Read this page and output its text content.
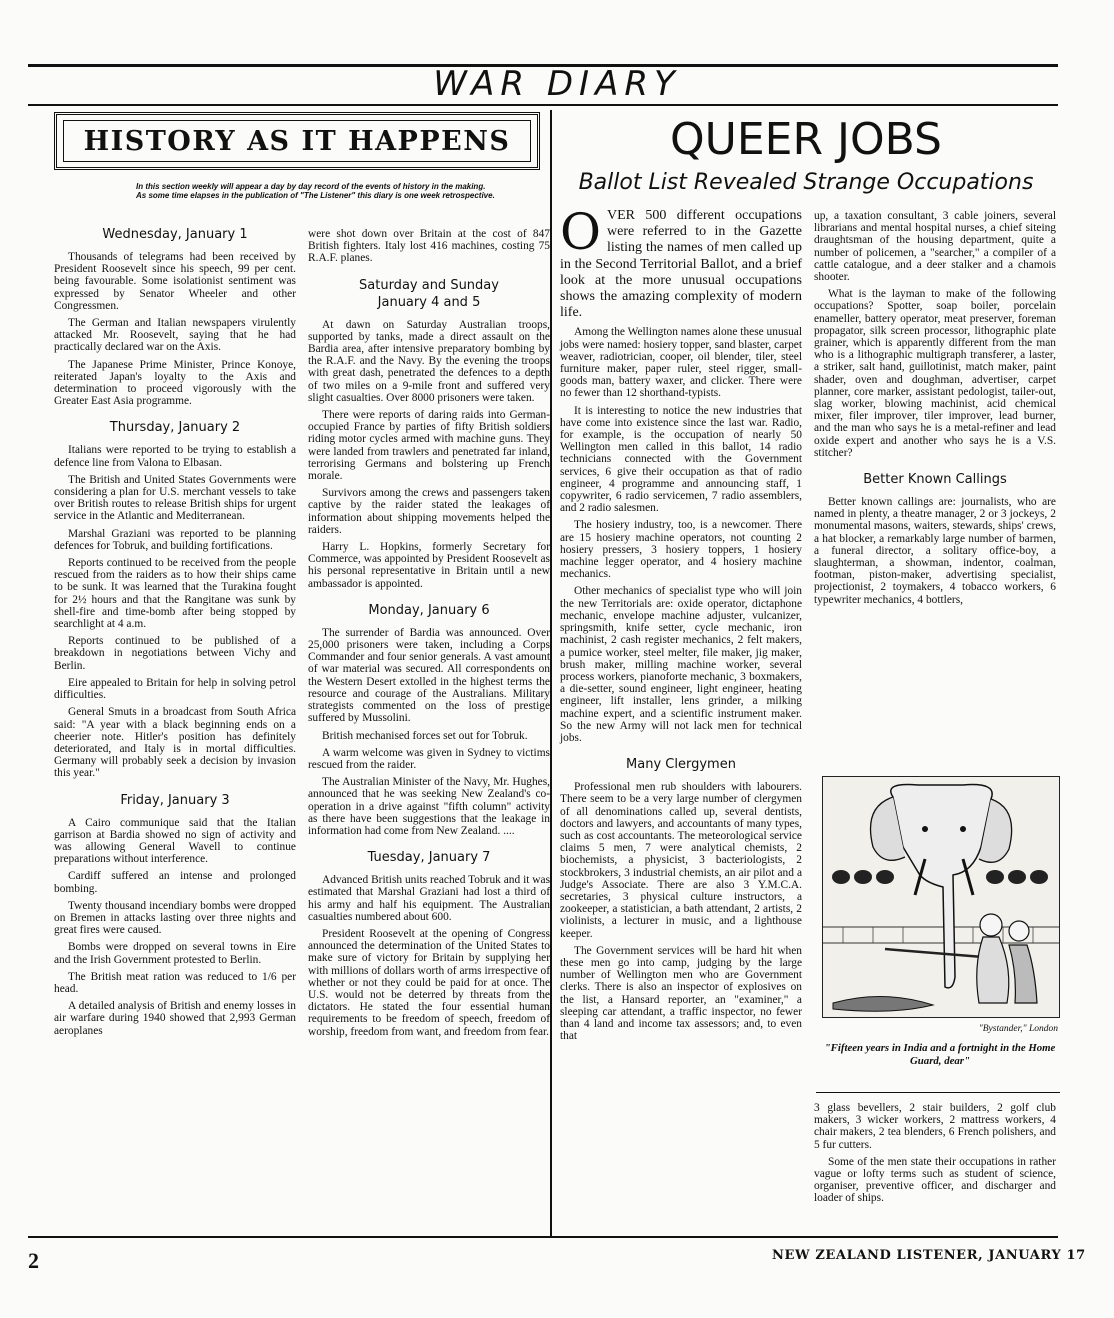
WAR DIARY
HISTORY AS IT HAPPENS
In this section weekly will appear a day by day record of the events of history in the making. As some time elapses in the publication of "The Listener" this diary is one week retrospective.
Wednesday, January 1

Thousands of telegrams had been received by President Roosevelt since his speech, 99 per cent. being favourable. Some isolationist sentiment was expressed by Senator Wheeler and other Congressmen.

The German and Italian newspapers virulently attacked Mr. Roosevelt, saying that he had practically declared war on the Axis.

The Japanese Prime Minister, Prince Konoye, reiterated Japan's loyalty to the Axis and determination to proceed vigorously with the Greater East Asia programme.

Thursday, January 2

Italians were reported to be trying to establish a defence line from Valona to Elbasan.

The British and United States Governments were considering a plan for U.S. merchant vessels to take over British routes to release British ships for urgent service in the Atlantic and Mediterranean.

Marshal Graziani was reported to be planning defences for Tobruk, and building fortifications.

Reports continued to be received from the people rescued from the raiders as to how their ships came to be sunk. It was learned that the Turakina fought for 2½ hours and that the Rangitane was sunk by shell-fire and time-bomb after being stopped by searchlight at 4 a.m.

Reports continued to be published of a breakdown in negotiations between Vichy and Berlin.

Eire appealed to Britain for help in solving petrol difficulties.

General Smuts in a broadcast from South Africa said: "A year with a black beginning ends on a cheerier note. Hitler's position has definitely deteriorated, and Italy is in mortal difficulties. Germany will probably seek a decision by invasion this year."

Friday, January 3

A Cairo communique said that the Italian garrison at Bardia showed no sign of activity and was allowing General Wavell to continue preparations without interference.

Cardiff suffered an intense and prolonged bombing.

Twenty thousand incendiary bombs were dropped on Bremen in attacks lasting over three nights and great fires were caused.

Bombs were dropped on several towns in Eire and the Irish Government protested to Berlin.

The British meat ration was reduced to 1/6 per head.

A detailed analysis of British and enemy losses in air warfare during 1940 showed that 2,993 German aeroplanes

were shot down over Britain at the cost of 847 British fighters. Italy lost 416 machines, costing 75 R.A.F. planes.

Saturday and Sunday
January 4 and 5

At dawn on Saturday Australian troops, supported by tanks, made a direct assault on the Bardia area, after intensive preparatory bombing by the R.A.F. and the Navy. By the evening the troops with great dash, penetrated the defences to a depth of two miles on a 9-mile front and suffered very slight casualties. Over 8000 prisoners were taken.

There were reports of daring raids into German-occupied France by parties of fifty British soldiers riding motor cycles armed with machine guns. They were landed from trawlers and penetrated far inland, terrorising Germans and bolstering up French morale.

Survivors among the crews and passengers taken captive by the raider stated the leakages of information about shipping movements helped the raiders.

Harry L. Hopkins, formerly Secretary for Commerce, was appointed by President Roosevelt as his personal representative in Britain until a new ambassador is appointed.

Monday, January 6

The surrender of Bardia was announced. Over 25,000 prisoners were taken, including a Corps Commander and four senior generals. A vast amount of war material was secured. All correspondents on the Western Desert extolled in the highest terms the resource and courage of the Australians. Military strategists commented on the loss of prestige suffered by Mussolini.

British mechanised forces set out for Tobruk.

A warm welcome was given in Sydney to victims rescued from the raider.

The Australian Minister of the Navy, Mr. Hughes, announced that he was seeking New Zealand's co-operation in a drive against "fifth column" activity as there have been suggestions that the leakage in information had come from New Zealand. ....

Tuesday, January 7

Advanced British units reached Tobruk and it was estimated that Marshal Graziani had lost a third of his army and half his equipment. The Australian casualties numbered about 600.

President Roosevelt at the opening of Congress announced the determination of the United States to make sure of victory for Britain by supplying her with millions of dollars worth of arms irrespective of whether or not they could be paid for at once. The U.S. would not be deterred by threats from the dictators. He stated the four essential human requirements to be freedom of speech, freedom of worship, freedom from want, and freedom from fear.

QUEER JOBS
Ballot List Revealed Strange Occupations

OVER 500 different occupations were referred to in the Gazette listing the names of men called up in the Second Territorial Ballot, and a brief look at the more unusual occupations shows the amazing complexity of modern life.

Among the Wellington names alone these unusual jobs were named: hosiery topper, sand blaster, carpet weaver, radiotrician, cooper, oil blender, tiler, steel furniture maker, paper ruler, steel rigger, small-goods man, battery waxer, and clicker. There were no fewer than 12 shorthand-typists.

It is interesting to notice the new industries that have come into existence since the last war. Radio, for example, is the occupation of nearly 50 Wellington men called in this ballot, 14 radio technicians connected with the Government services, 6 give their occupation as that of radio engineer, 4 programme and announcing staff, 1 copywriter, 6 radio servicemen, 7 radio assemblers, and 2 radio salesmen.

The hosiery industry, too, is a newcomer. There are 15 hosiery machine operators, not counting 2 hosiery pressers, 3 hosiery toppers, 1 hosiery machine legger operator, and 4 hosiery machine mechanics.

Other mechanics of specialist type who will join the new Territorials are: oxide operator, dictaphone mechanic, envelope machine adjuster, vulcanizer, springsmith, knife setter, cycle mechanic, iron machinist, 2 cash register mechanics, 2 felt makers, a pumice worker, steel melter, file maker, jig maker, brush maker, milling machine worker, several process workers, pianoforte mechanic, 3 boxmakers, a die-setter, sound engineer, light engineer, heating engineer, lift installer, lens grinder, a milking machine expert, and a scientific instrument maker. So the new Army will not lack men for technical jobs.

Many Clergymen

Professional men rub shoulders with labourers. There seem to be a very large number of clergymen of all denominations called up, several dentists, doctors and lawyers, and accountants of many types, such as cost accountants. The meteorological service claims 5 men, 7 were analytical chemists, 2 biochemists, a physicist, 3 bacteriologists, 2 stockbrokers, 3 industrial chemists, an air pilot and a Judge's Associate. There are also 3 Y.M.C.A. secretaries, 3 physical culture instructors, a zookeeper, a statistician, a bath attendant, 2 artists, 2 violinists, a lecturer in music, and a lighthouse keeper.

The Government services will be hard hit when these men go into camp, judging by the large number of Wellington men who are Government clerks. There is also an inspector of explosives on the list, a Hansard reporter, an "examiner," a sleeping car attendant, a traffic inspector, no fewer than 4 land and income tax assessors; and, to even that

up, a taxation consultant, 3 cable joiners, several librarians and mental hospital nurses, a chief siteing draughtsman of the housing department, quite a number of policemen, a "searcher," a compiler of a cattle catalogue, and a deer stalker and a chamois shooter.

What is the layman to make of the following occupations? Spotter, soap boiler, porcelain enameller, battery operator, meat preserver, foreman propagator, silk screen processor, lithographic plate grainer, which is apparently different from the man who is a lithographic multigraph transferer, a laster, a striker, salt hand, guillotinist, match maker, paint shader, oven and doughman, advertiser, carpet planner, core marker, assistant pedologist, tailer-out, slag worker, blowing machinist, acid chemical mixer, filer improver, tiler improver, lead burner, and the man who says he is a metal-refiner and lead oxide expert and another who says he is a V.S. stitcher?

Better Known Callings

Better known callings are: journalists, who are named in plenty, a theatre manager, 2 or 3 jockeys, 2 monumental masons, waiters, stewards, ships' crews, a hat blocker, a remarkably large number of barmen, a funeral director, a solitary office-boy, a slaughterman, a showman, indentor, coalman, footman, piston-maker, advertising specialist, projectionist, 2 toymakers, 4 tobacco workers, 6 typewriter mechanics, 4 bottlers,

"Bystander," London
"Fifteen years in India and a fortnight in the Home Guard, dear"

3 glass bevellers, 2 stair builders, 2 golf club makers, 3 wicker workers, 2 mattress workers, 4 chair makers, 2 tea blenders, 6 French polishers, and 5 fur cutters.

Some of the men state their occupations in rather vague or lofty terms such as student of science, organiser, preventive officer, and discharger and loader of ships.

2	NEW ZEALAND LISTENER, JANUARY 17
